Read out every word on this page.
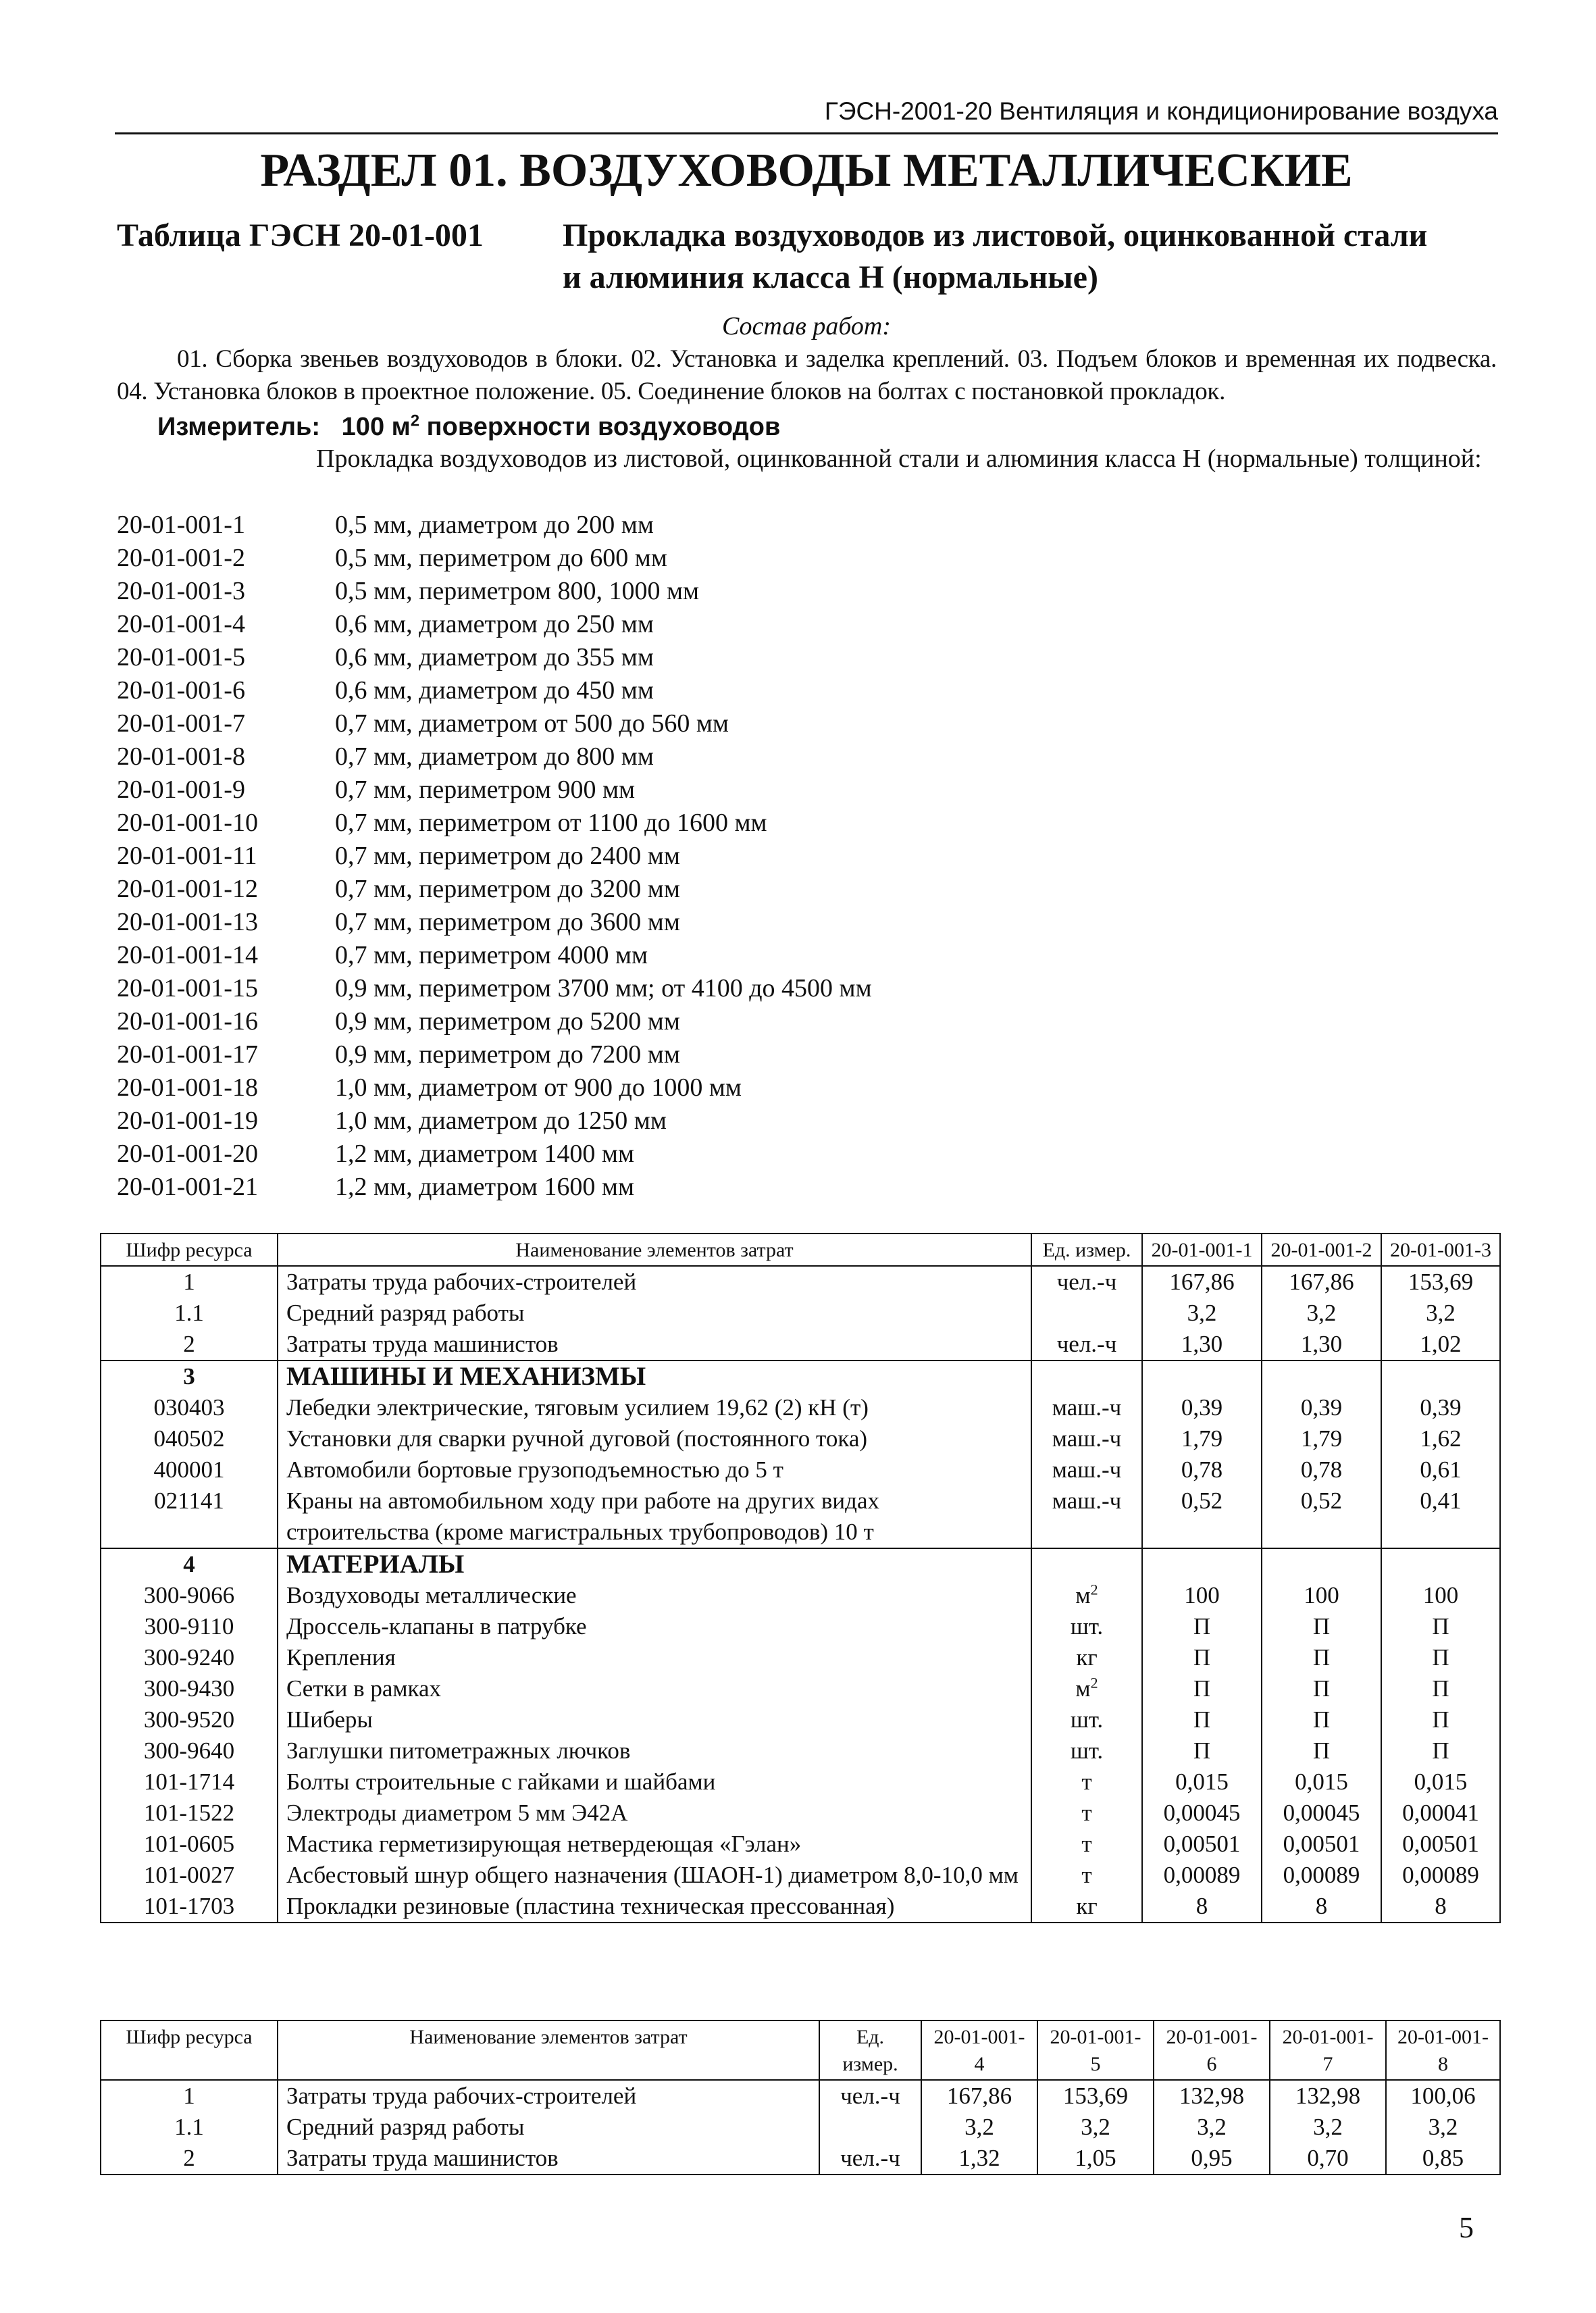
ГЭСН-2001-20 Вентиляция и кондиционирование воздуха
РАЗДЕЛ 01. ВОЗДУХОВОДЫ МЕТАЛЛИЧЕСКИЕ
Таблица ГЭСН 20-01-001 Прокладка воздуховодов из листовой, оцинкованной стали
и алюминия класса Н (нормальные)
Состав работ:
01. Сборка звеньев воздуховодов в блоки. 02. Установка и заделка креплений. 03. Подъем блоков и временная их подвеска. 04. Установка блоков в проектное положение. 05. Соединение блоков на болтах с постановкой прокладок.
Измеритель: 100 $м^2$ поверхности воздуховодов
Прокладка воздуховодов из листовой, оцинкованной стали и алюминия класса Н (нормальные) толщиной:
20-01-001-1	0,5 мм, диаметром до 200 мм
20-01-001-2	0,5 мм, периметром до 600 мм
20-01-001-3	0,5 мм, периметром 800, 1000 мм
20-01-001-4	0,6 мм, диаметром до 250 мм
20-01-001-5	0,6 мм, диаметром до 355 мм
20-01-001-6	0,6 мм, диаметром до 450 мм
20-01-001-7	0,7 мм, диаметром от 500 до 560 мм
20-01-001-8	0,7 мм, диаметром до 800 мм
20-01-001-9	0,7 мм, периметром 900 мм
20-01-001-10	0,7 мм, периметром от 1100 до 1600 мм
20-01-001-11	0,7 мм, периметром до 2400 мм
20-01-001-12	0,7 мм, периметром до 3200 мм
20-01-001-13	0,7 мм, периметром до 3600 мм
20-01-001-14	0,7 мм, периметром 4000 мм
20-01-001-15	0,9 мм, периметром 3700 мм; от 4100 до 4500 мм
20-01-001-16	0,9 мм, периметром до 5200 мм
20-01-001-17	0,9 мм, периметром до 7200 мм
20-01-001-18	1,0 мм, диаметром от 900 до 1000 мм
20-01-001-19	1,0 мм, диаметром до 1250 мм
20-01-001-20	1,2 мм, диаметром 1400 мм
20-01-001-21	1,2 мм, диаметром 1600 мм
Шифр ресурса	Наименование элементов затрат	Ед. измер.	20-01-001-1	20-01-001-2	20-01-001-3
1	Затраты труда рабочих-строителей	чел.-ч	167,86	167,86	153,69
1.1	Средний разряд работы		3,2	3,2	3,2
2	Затраты труда машинистов	чел.-ч	1,30	1,30	1,02
3	МАШИНЫ И МЕХАНИЗМЫ				
030403	Лебедки электрические, тяговым усилием 19,62 (2) кН (т)	маш.-ч	0,39	0,39	0,39
040502	Установки для сварки ручной дуговой (постоянного тока)	маш.-ч	1,79	1,79	1,62
400001	Автомобили бортовые грузоподъемностью до 5 т	маш.-ч	0,78	0,78	0,61
021141	Краны на автомобильном ходу при работе на других видах строительства (кроме магистральных трубопроводов) 10 т	маш.-ч	0,52	0,52	0,41
4	МАТЕРИАЛЫ				
300-9066	Воздуховоды металлические	$м^2$	100	100	100
300-9110	Дроссель-клапаны в патрубке	шт.	П	П	П
300-9240	Крепления	кг	П	П	П
300-9430	Сетки в рамках	$м^2$	П	П	П
300-9520	Шиберы	шт.	П	П	П
300-9640	Заглушки питометражных лючков	шт.	П	П	П
101-1714	Болты строительные с гайками и шайбами	т	0,015	0,015	0,015
101-1522	Электроды диаметром 5 мм Э42А	т	0,00045	0,00045	0,00041
101-0605	Мастика герметизирующая нетвердеющая «Гэлан»	т	0,00501	0,00501	0,00501
101-0027	Асбестовый шнур общего назначения (ШАОН-1) диаметром 8,0-10,0 мм	т	0,00089	0,00089	0,00089
101-1703	Прокладки резиновые (пластина техническая прессованная)	кг	8	8	8
Шифр ресурса	Наименование элементов затрат	Ед. измер.	20-01-001-4	20-01-001-5	20-01-001-6	20-01-001-7	20-01-001-8
1	Затраты труда рабочих-строителей	чел.-ч	167,86	153,69	132,98	132,98	100,06
1.1	Средний разряд работы		3,2	3,2	3,2	3,2	3,2
2	Затраты труда машинистов	чел.-ч	1,32	1,05	0,95	0,70	0,85
5
